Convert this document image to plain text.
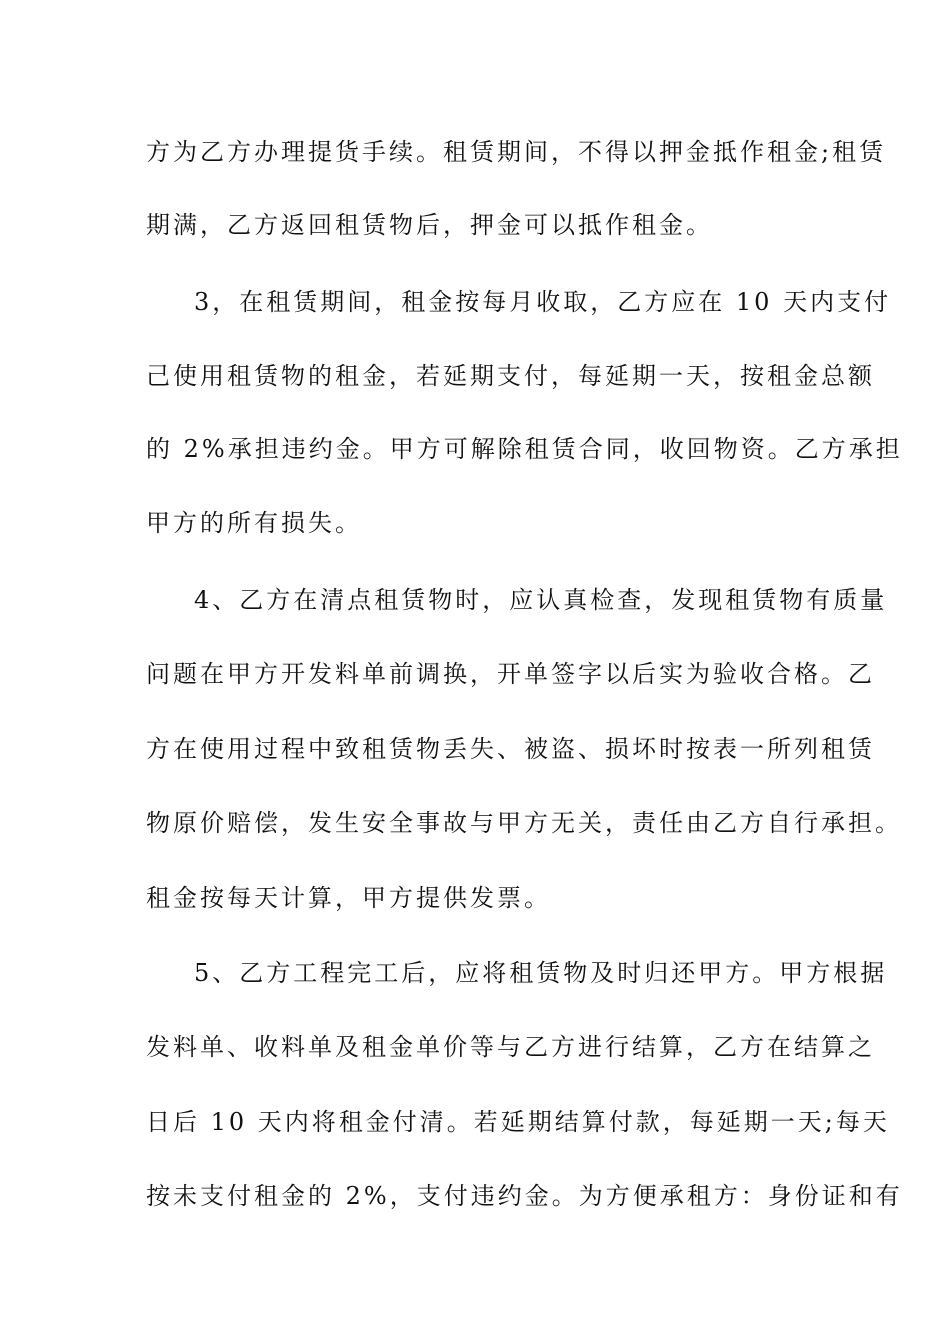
方为乙方办理提货手续。租赁期间，不得以押金抵作租金;租赁
期满，乙方返回租赁物后，押金可以抵作租金。
3，在租赁期间，租金按每月收取，乙方应在 10 天内支付
己使用租赁物的租金，若延期支付，每延期一天，按租金总额
的 2%承担违约金。甲方可解除租赁合同，收回物资。乙方承担
甲方的所有损失。
4、乙方在清点租赁物时，应认真检查，发现租赁物有质量
问题在甲方开发料单前调换，开单签字以后实为验收合格。乙
方在使用过程中致租赁物丢失、被盗、损坏时按表一所列租赁
物原价赔偿，发生安全事故与甲方无关，责任由乙方自行承担。
租金按每天计算，甲方提供发票。
5、乙方工程完工后，应将租赁物及时归还甲方。甲方根据
发料单、收料单及租金单价等与乙方进行结算，乙方在结算之
日后 10 天内将租金付清。若延期结算付款，每延期一天;每天
按未支付租金的 2%，支付违约金。为方便承租方：身份证和有
